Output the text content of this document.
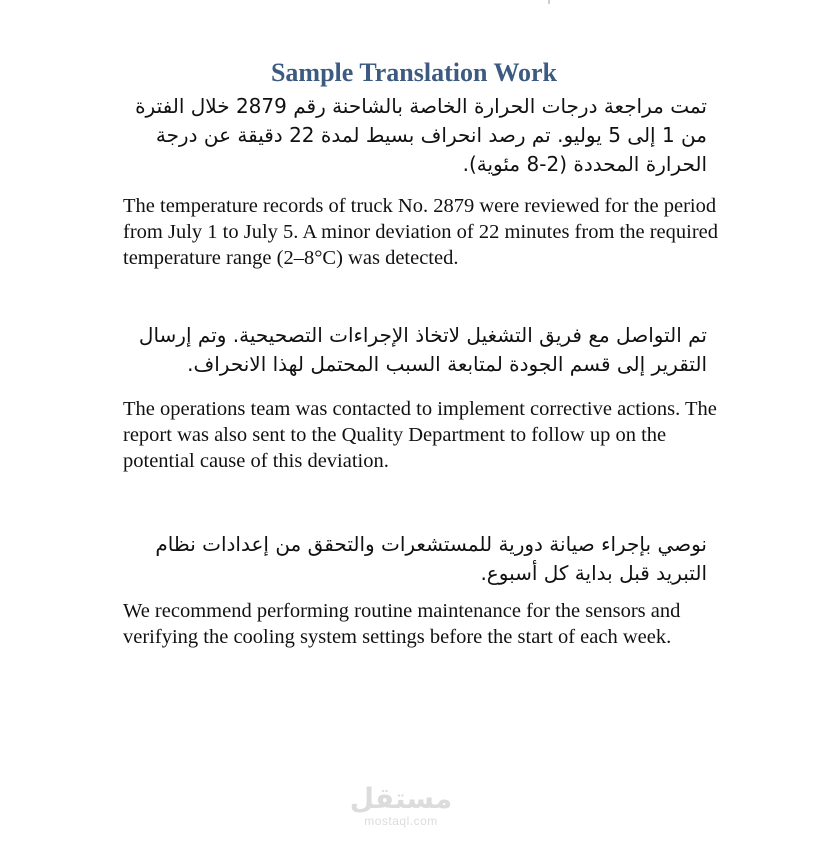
Sample Translation Work

تمت مراجعة درجات الحرارة الخاصة بالشاحنة رقم 2879 خلال الفترة من 1 إلى 5 يوليو. تم رصد انحراف بسيط لمدة 22 دقيقة عن درجة الحرارة المحددة (2-8 مئوية).

The temperature records of truck No. 2879 were reviewed for the period from July 1 to July 5. A minor deviation of 22 minutes from the required temperature range (2–8°C) was detected.

تم التواصل مع فريق التشغيل لاتخاذ الإجراءات التصحيحية. وتم إرسال التقرير إلى قسم الجودة لمتابعة السبب المحتمل لهذا الانحراف.

The operations team was contacted to implement corrective actions. The report was also sent to the Quality Department to follow up on the potential cause of this deviation.

نوصي بإجراء صيانة دورية للمستشعرات والتحقق من إعدادات نظام التبريد قبل بداية كل أسبوع.

We recommend performing routine maintenance for the sensors and verifying the cooling system settings before the start of each week.

مستقل
mostaql.com
